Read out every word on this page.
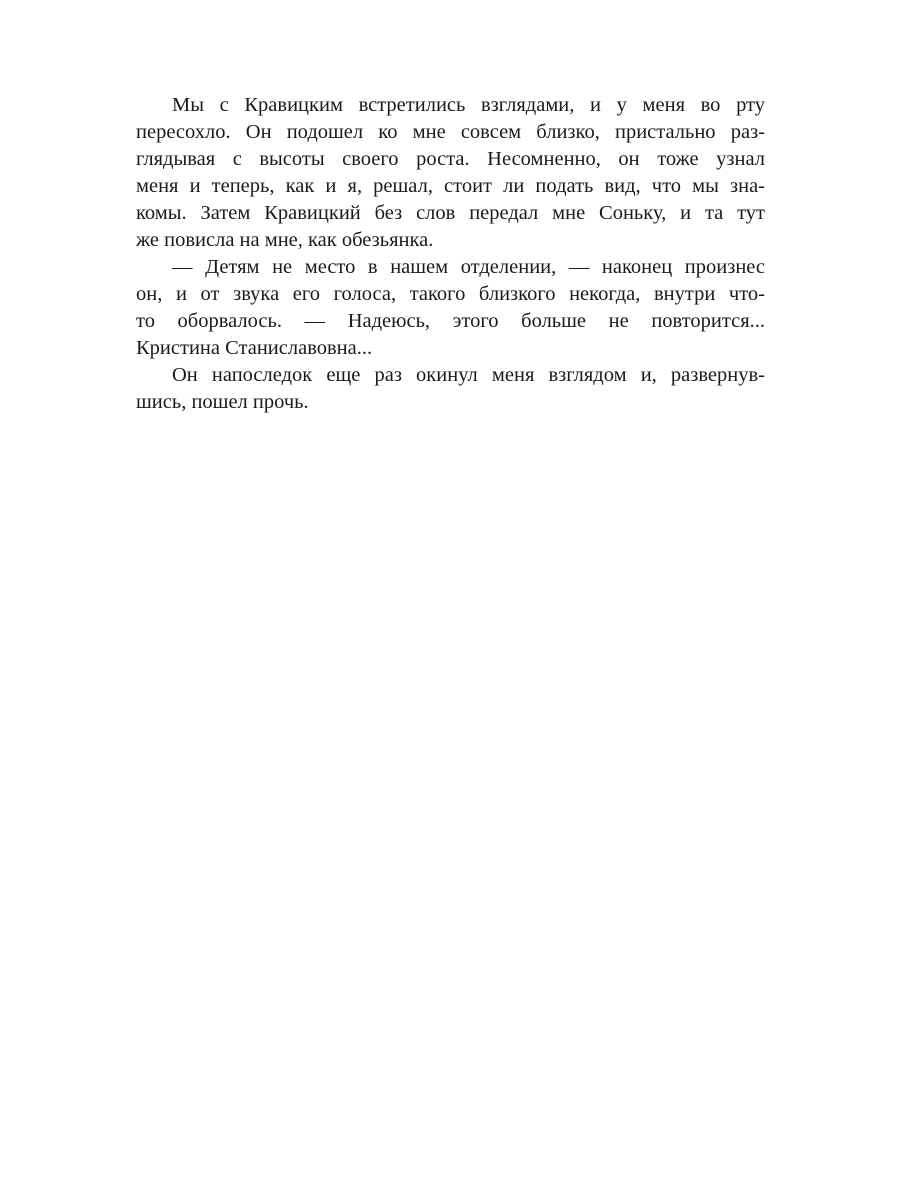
Мы с Кравицким встретились взглядами, и у меня во рту
пересохло. Он подошел ко мне совсем близко, пристально раз-
глядывая с высоты своего роста. Несомненно, он тоже узнал
меня и теперь, как и я, решал, стоит ли подать вид, что мы зна-
комы. Затем Кравицкий без слов передал мне Соньку, и та тут
же повисла на мне, как обезьянка.
— Детям не место в нашем отделении, — наконец произнес
он, и от звука его голоса, такого близкого некогда, внутри что-
то оборвалось. — Надеюсь, этого больше не повторится...
Кристина Станиславовна...
Он напоследок еще раз окинул меня взглядом и, развернув-
шись, пошел прочь.
